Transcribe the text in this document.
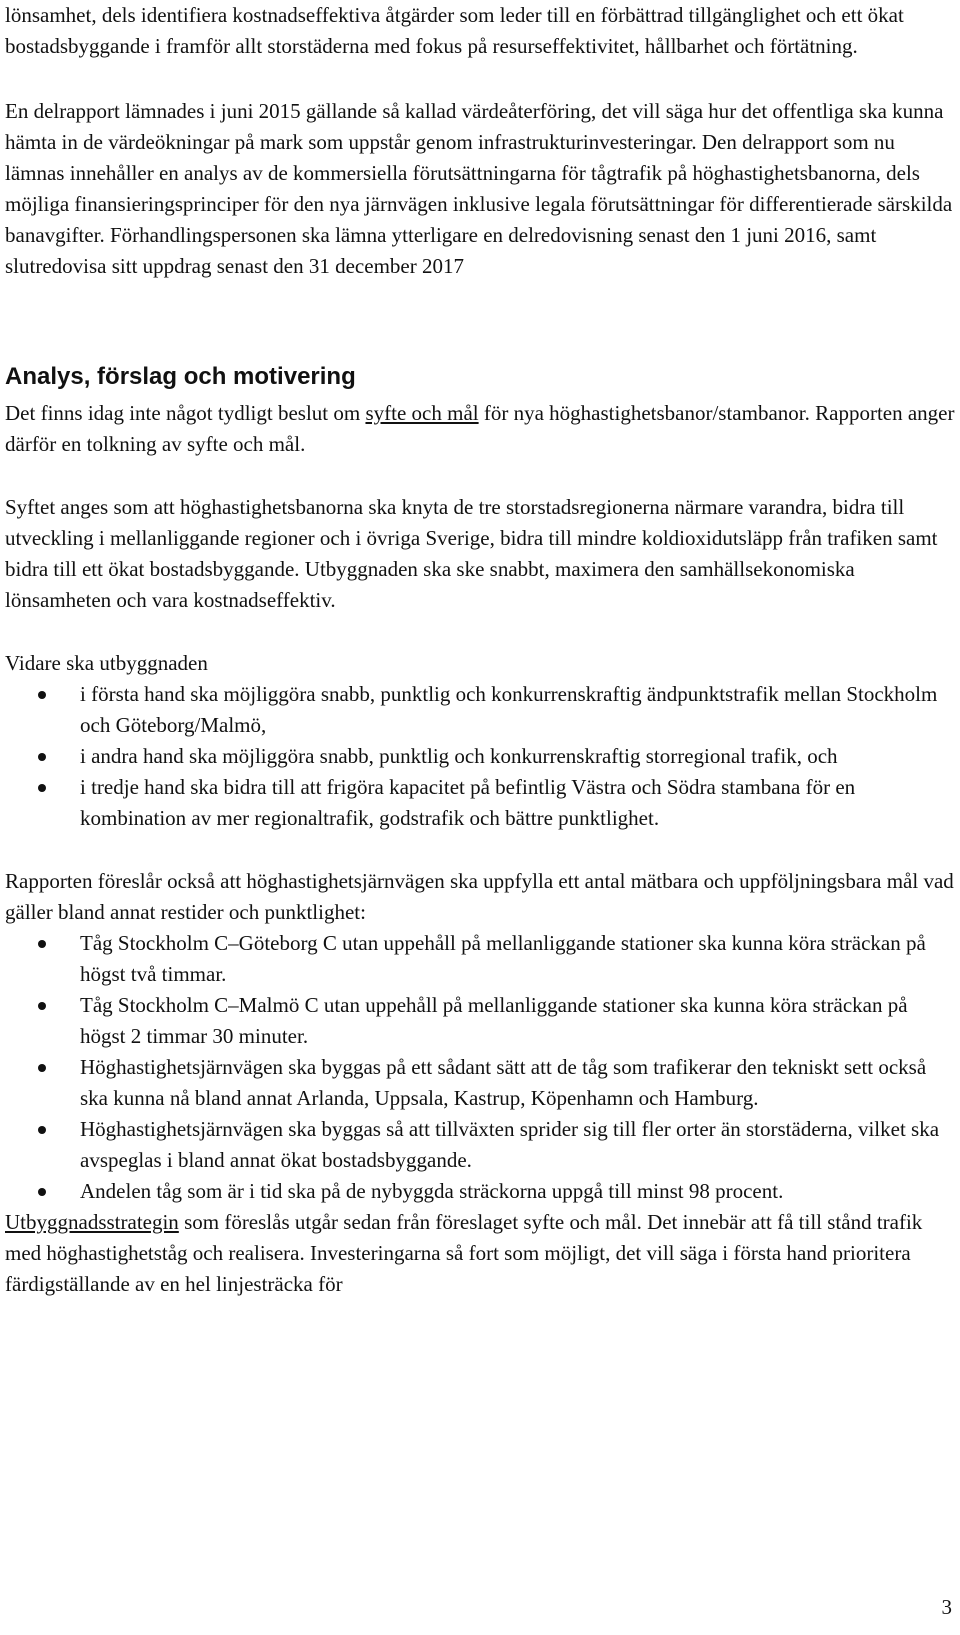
lönsamhet, dels identifiera kostnadseffektiva åtgärder som leder till en förbättrad tillgänglighet och ett ökat bostadsbyggande i framför allt storstäderna med fokus på resurseffektivitet, hållbarhet och förtätning.

En delrapport lämnades i juni 2015 gällande så kallad värdeåterföring, det vill säga hur det offentliga ska kunna hämta in de värdeökningar på mark som uppstår genom infrastrukturinvesteringar. Den delrapport som nu lämnas innehåller en analys av de kommersiella förutsättningarna för tågtrafik på höghastighetsbanorna, dels möjliga finansieringsprinciper för den nya järnvägen inklusive legala förutsättningar för differentierade särskilda banavgifter. Förhandlingspersonen ska lämna ytterligare en delredovisning senast den 1 juni 2016, samt slutredovisa sitt uppdrag senast den 31 december 2017

Analys, förslag och motivering

Det finns idag inte något tydligt beslut om syfte och mål för nya höghastighetsbanor/stambanor. Rapporten anger därför en tolkning av syfte och mål.

Syftet anges som att höghastighetsbanorna ska knyta de tre storstadsregionerna närmare varandra, bidra till utveckling i mellanliggande regioner och i övriga Sverige, bidra till mindre koldioxidutsläpp från trafiken samt bidra till ett ökat bostadsbyggande. Utbyggnaden ska ske snabbt, maximera den samhällsekonomiska lönsamheten och vara kostnadseffektiv.

Vidare ska utbyggnaden

i första hand ska möjliggöra snabb, punktlig och konkurrenskraftig ändpunktstrafik mellan Stockholm och Göteborg/Malmö,
i andra hand ska möjliggöra snabb, punktlig och konkurrenskraftig storregional trafik, och
i tredje hand ska bidra till att frigöra kapacitet på befintlig Västra och Södra stambana för en kombination av mer regionaltrafik, godstrafik och bättre punktlighet.

Rapporten föreslår också att höghastighetsjärnvägen ska uppfylla ett antal mätbara och uppföljningsbara mål vad gäller bland annat restider och punktlighet:

Tåg Stockholm C–Göteborg C utan uppehåll på mellanliggande stationer ska kunna köra sträckan på högst två timmar.
Tåg Stockholm C–Malmö C utan uppehåll på mellanliggande stationer ska kunna köra sträckan på högst 2 timmar 30 minuter.
Höghastighetsjärnvägen ska byggas på ett sådant sätt att de tåg som trafikerar den tekniskt sett också ska kunna nå bland annat Arlanda, Uppsala, Kastrup, Köpenhamn och Hamburg.
Höghastighetsjärnvägen ska byggas så att tillväxten sprider sig till fler orter än storstäderna, vilket ska avspeglas i bland annat ökat bostadsbyggande.
Andelen tåg som är i tid ska på de nybyggda sträckorna uppgå till minst 98 procent.

Utbyggnadsstrategin som föreslås utgår sedan från föreslaget syfte och mål. Det innebär att få till stånd trafik med höghastighetståg och realisera. Investeringarna så fort som möjligt, det vill säga i första hand prioritera färdigställande av en hel linjesträcka för

3
